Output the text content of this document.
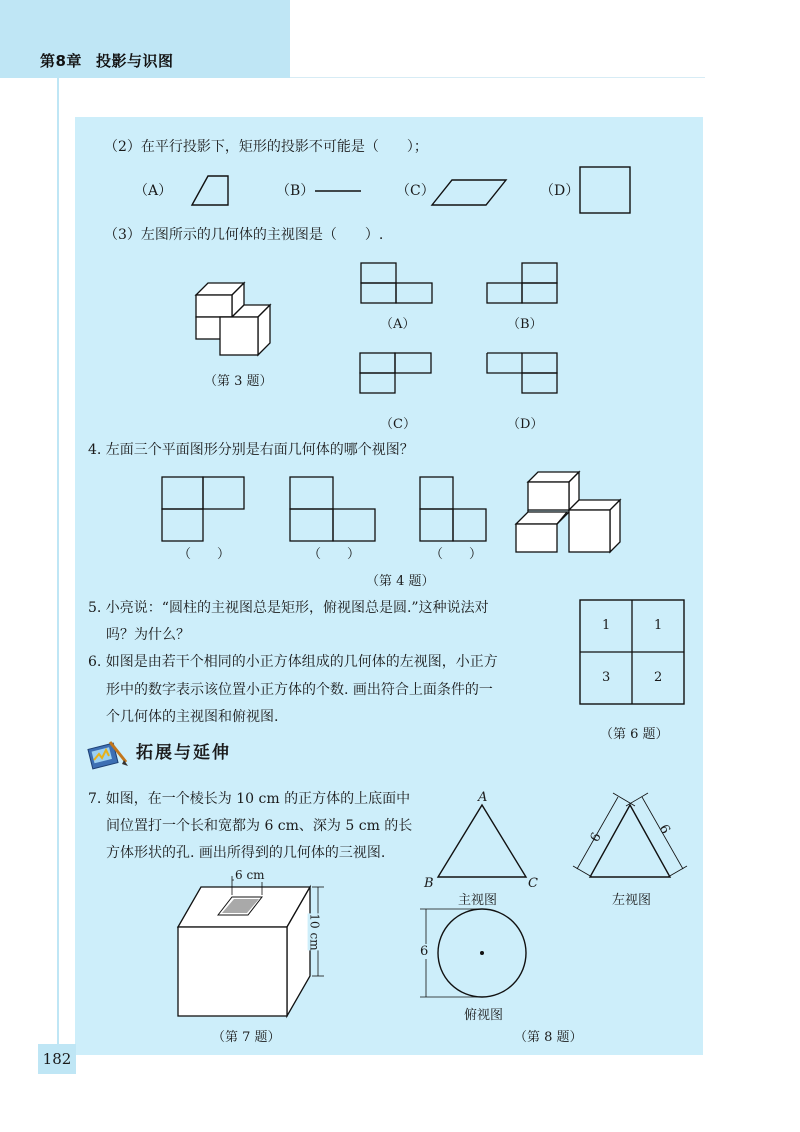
第8章 投影与识图
182
（2）在平行投影下，矩形的投影不可能是（　　）；
（A）	（B）	（C）	（D）
（3）左图所示的几何体的主视图是（　　）.
（第 3 题）
（A）	（B）
（C）	（D）
4. 左面三个平面图形分别是右面几何体的哪个视图？
（　　）	（　　）	（　　）
（第 4 题）
5. 小亮说：“圆柱的主视图总是矩形，俯视图总是圆.”这种说法对
吗？为什么？
6. 如图是由若干个相同的小正方体组成的几何体的左视图，小正方
形中的数字表示该位置小正方体的个数. 画出符合上面条件的一
个几何体的主视图和俯视图.
1	1
3	2
（第 6 题）
拓展与延伸
7. 如图，在一个棱长为 10 cm 的正方体的上底面中
间位置打一个长和宽都为 6 cm、深为 5 cm 的长
方体形状的孔. 画出所得到的几何体的三视图.
6 cm
10 cm
（第 7 题）
A
B	C
主视图	左视图
6
6
6
俯视图
（第 8 题）
